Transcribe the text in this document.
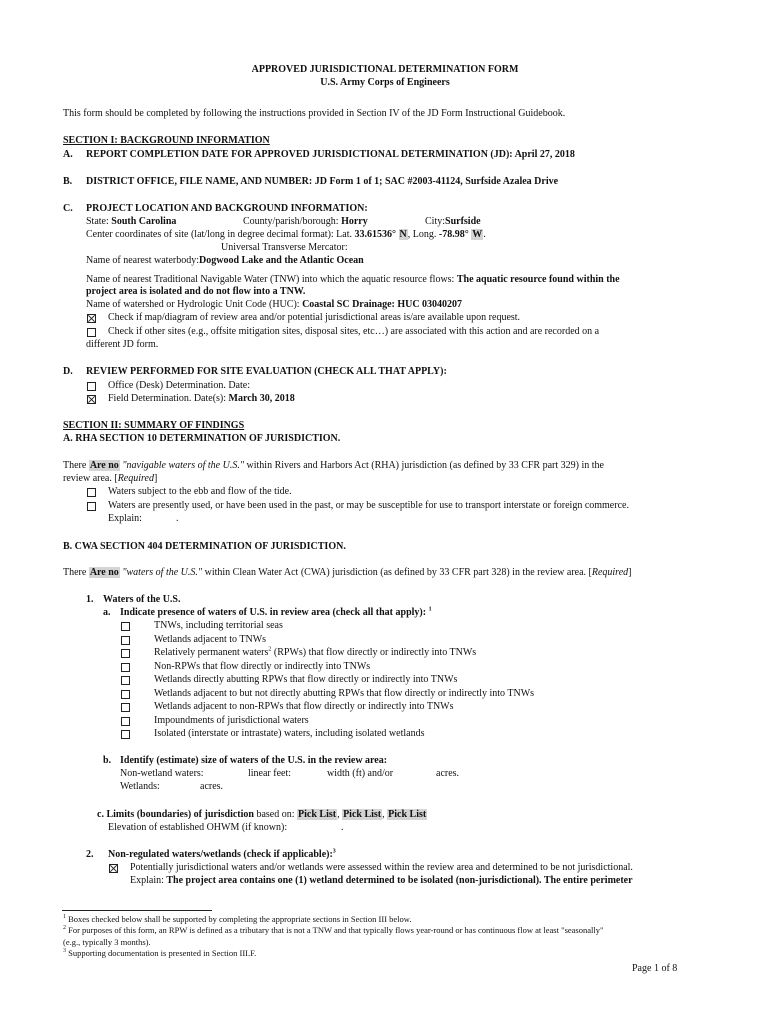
APPROVED JURISDICTIONAL DETERMINATION FORM
U.S. Army Corps of Engineers
This form should be completed by following the instructions provided in Section IV of the JD Form Instructional Guidebook.
SECTION I: BACKGROUND INFORMATION
A. REPORT COMPLETION DATE FOR APPROVED JURISDICTIONAL DETERMINATION (JD): April 27, 2018
B. DISTRICT OFFICE, FILE NAME, AND NUMBER: JD Form 1 of 1; SAC #2003-41124, Surfside Azalea Drive
C. PROJECT LOCATION AND BACKGROUND INFORMATION:
State: South Carolina	County/parish/borough: Horry	City:Surfside
Center coordinates of site (lat/long in degree decimal format): Lat. 33.61536° N, Long. -78.98° W.
Universal Transverse Mercator:
Name of nearest waterbody:Dogwood Lake and the Atlantic Ocean
Name of nearest Traditional Navigable Water (TNW) into which the aquatic resource flows: The aquatic resource found within the
project area is isolated and do not flow into a TNW.
Name of watershed or Hydrologic Unit Code (HUC): Coastal SC Drainage: HUC 03040207
Check if map/diagram of review area and/or potential jurisdictional areas is/are available upon request.
Check if other sites (e.g., offsite mitigation sites, disposal sites, etc…) are associated with this action and are recorded on a
different JD form.
D. REVIEW PERFORMED FOR SITE EVALUATION (CHECK ALL THAT APPLY):
Office (Desk) Determination. Date:
Field Determination. Date(s): March 30, 2018
SECTION II: SUMMARY OF FINDINGS
A. RHA SECTION 10 DETERMINATION OF JURISDICTION.
There Are no "navigable waters of the U.S." within Rivers and Harbors Act (RHA) jurisdiction (as defined by 33 CFR part 329) in the
review area. [Required]
Waters subject to the ebb and flow of the tide.
Waters are presently used, or have been used in the past, or may be susceptible for use to transport interstate or foreign commerce.
Explain:	.
B. CWA SECTION 404 DETERMINATION OF JURISDICTION.
There Are no "waters of the U.S." within Clean Water Act (CWA) jurisdiction (as defined by 33 CFR part 328) in the review area. [Required]
1. Waters of the U.S.
a. Indicate presence of waters of U.S. in review area (check all that apply): $^1$
TNWs, including territorial seas
Wetlands adjacent to TNWs
Relatively permanent waters$^2$ (RPWs) that flow directly or indirectly into TNWs
Non-RPWs that flow directly or indirectly into TNWs
Wetlands directly abutting RPWs that flow directly or indirectly into TNWs
Wetlands adjacent to but not directly abutting RPWs that flow directly or indirectly into TNWs
Wetlands adjacent to non-RPWs that flow directly or indirectly into TNWs
Impoundments of jurisdictional waters
Isolated (interstate or intrastate) waters, including isolated wetlands
b. Identify (estimate) size of waters of the U.S. in the review area:
Non-wetland waters:	linear feet:	width (ft) and/or	acres.
Wetlands:	acres.
c. Limits (boundaries) of jurisdiction based on: Pick List, Pick List, Pick List
Elevation of established OHWM (if known):	.
2. Non-regulated waters/wetlands (check if applicable):$^3$
Potentially jurisdictional waters and/or wetlands were assessed within the review area and determined to be not jurisdictional.
Explain: The project area contains one (1) wetland determined to be isolated (non-jurisdictional). The entire perimeter
$^1$ Boxes checked below shall be supported by completing the appropriate sections in Section III below.
$^2$ For purposes of this form, an RPW is defined as a tributary that is not a TNW and that typically flows year-round or has continuous flow at least "seasonally"
(e.g., typically 3 months).
$^3$ Supporting documentation is presented in Section III.F.
Page 1 of 8
